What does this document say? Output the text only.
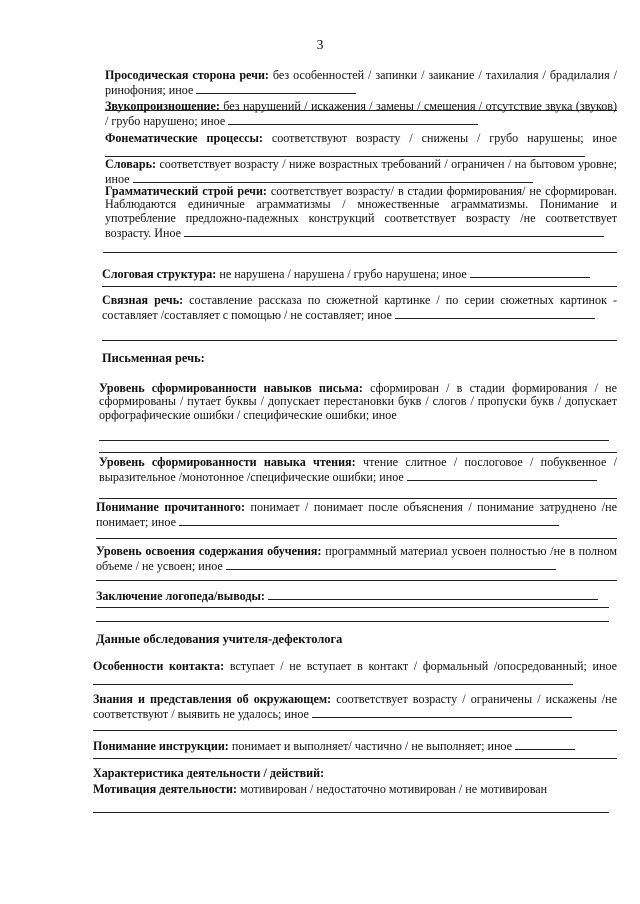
3
Просодическая сторона речи: без особенностей / запинки / заикание / тахилалия / брадилалия / ринофония; иное
Звукопроизношение: без нарушений / искажения / замены / смешения / отсутствие звука (звуков) / грубо нарушено; иное
Фонематические процессы: соответствуют возрасту / снижены / грубо нарушены; иное
Словарь: соответствует возрасту / ниже возрастных требований / ограничен / на бытовом уровне; иное
Грамматический строй речи: соответствует возрасту/ в стадии формирования/ не сформирован. Наблюдаются единичные аграмматизмы / множественные аграмматизмы. Понимание и употребление предложно-падежных конструкций соответствует возрасту /не соответствует возрасту. Иное
Слоговая структура: не нарушена / нарушена / грубо нарушена; иное
Связная речь: составление рассказа по сюжетной картинке / по серии сюжетных картинок - составляет /составляет с помощью / не составляет; иное
Письменная речь:
Уровень сформированности навыков письма: сформирован / в стадии формирования / не сформированы / путает буквы / допускает перестановки букв / слогов / пропуски букв / допускает орфографические ошибки / специфические ошибки; иное
Уровень сформированности навыка чтения: чтение слитное / послоговое / побуквенное / выразительное /монотонное /специфические ошибки; иное
Понимание прочитанного: понимает / понимает после объяснения / понимание затруднено /не понимает; иное
Уровень освоения содержания обучения: программный материал усвоен полностью /не в полном объеме / не усвоен; иное
Заключение логопеда/выводы:
Данные обследования учителя-дефектолога
Особенности контакта: вступает / не вступает в контакт / формальный /опосредованный; иное
Знания и представления об окружающем: соответствует возрасту / ограничены / искажены /не соответствуют / выявить не удалось; иное
Понимание инструкции: понимает и выполняет/ частично / не выполняет; иное
Характеристика деятельности / действий:
Мотивация деятельности: мотивирован / недостаточно мотивирован / не мотивирован
